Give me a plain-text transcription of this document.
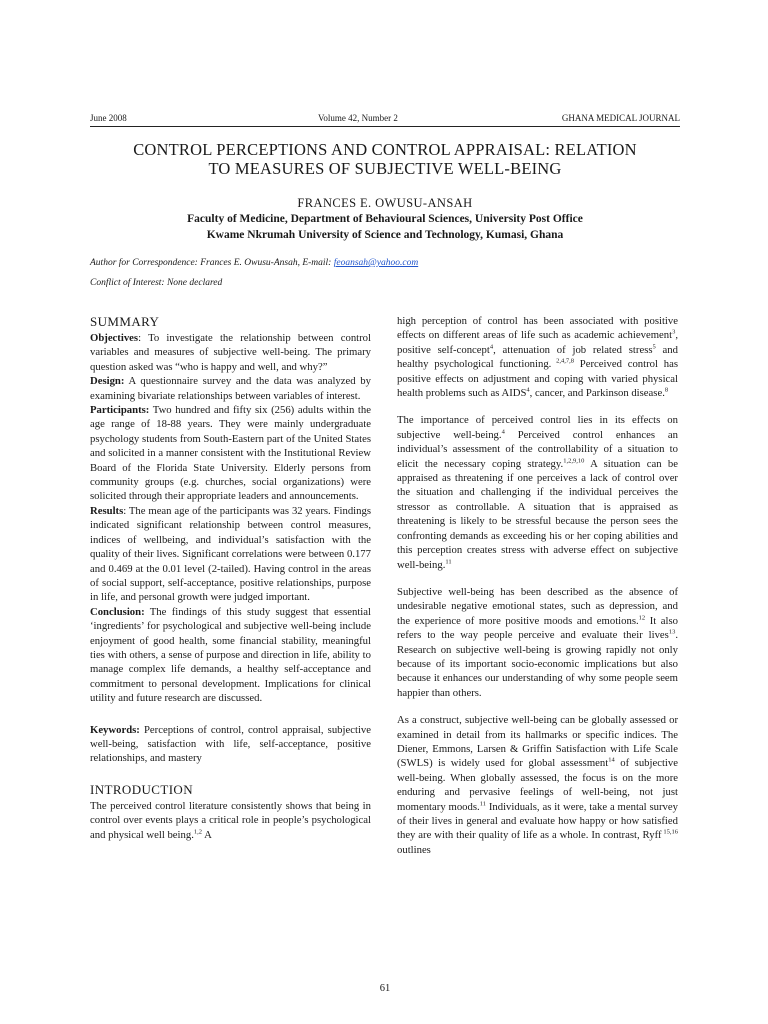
June 2008	Volume 42, Number 2	GHANA MEDICAL JOURNAL
CONTROL PERCEPTIONS AND CONTROL APPRAISAL: RELATION
TO MEASURES OF SUBJECTIVE WELL-BEING
FRANCES E. OWUSU-ANSAH
Faculty of Medicine, Department of Behavioural Sciences, University Post Office
Kwame Nkrumah University of Science and Technology, Kumasi, Ghana
Author for Correspondence: Frances E. Owusu-Ansah, E-mail: feoansah@yahoo.com
Conflict of Interest: None declared
SUMMARY

Objectives: To investigate the relationship between control variables and measures of subjective well-being. The primary question asked was “who is happy and well, and why?”

Design: A questionnaire survey and the data was analyzed by examining bivariate relationships between variables of interest.

Participants: Two hundred and fifty six (256) adults within the age range of 18-88 years. They were mainly undergraduate psychology students from South-Eastern part of the United States and solicited in a manner consistent with the Institutional Review Board of the Florida State University. Elderly persons from community groups (e.g. churches, social organizations) were solicited through their appropriate leaders and announcements.

Results: The mean age of the participants was 32 years. Findings indicated significant relationship between control measures, indices of wellbeing, and individual’s satisfaction with the quality of their lives. Significant correlations were between 0.177 and 0.469 at the 0.01 level (2-tailed). Having control in the areas of social support, self-acceptance, positive relationships, purpose in life, and personal growth were judged important.

Conclusion: The findings of this study suggest that essential ‘ingredients’ for psychological and subjective well-being include enjoyment of good health, some financial stability, meaningful ties with others, a sense of purpose and direction in life, ability to manage complex life demands, a healthy self-acceptance and commitment to personal development. Implications for clinical utility and future research are discussed.

Keywords: Perceptions of control, control appraisal, subjective well-being, satisfaction with life, self-acceptance, positive relationships, and mastery

INTRODUCTION

The perceived control literature consistently shows that being in control over events plays a critical role in people’s psychological and physical well being.$^{1,2}$ A

high perception of control has been associated with positive effects on different areas of life such as academic achievement$^3$, positive self-concept$^4$, attenuation of job related stress$^5$ and healthy psychological functioning. $^{2,4,7,8}$ Perceived control has positive effects on adjustment and coping with varied physical health problems such as AIDS$^4$, cancer, and Parkinson disease.$^8$

The importance of perceived control lies in its effects on subjective well-being.$^4$ Perceived control enhances an individual’s assessment of the controllability of a situation to elicit the necessary coping strategy.$^{1,2,9,10}$ A situation can be appraised as threatening if one perceives a lack of control over the situation and challenging if the individual perceives the stressor as controllable. A situation that is appraised as threatening is likely to be stressful because the person sees the confronting demands as exceeding his or her coping abilities and this perception creates stress with adverse effect on subjective well-being.$^{11}$

Subjective well-being has been described as the absence of undesirable negative emotional states, such as depression, and the experience of more positive moods and emotions.$^{12}$ It also refers to the way people perceive and evaluate their lives$^{13}$. Research on subjective well-being is growing rapidly not only because of its important socio-economic implications but also because it enhances our understanding of why some people seem happier than others.

As a construct, subjective well-being can be globally assessed or examined in detail from its hallmarks or specific indices. The Diener, Emmons, Larsen & Griffin Satisfaction with Life Scale (SWLS) is widely used for global assessment$^{14}$ of subjective well-being. When globally assessed, the focus is on the more enduring and pervasive feelings of well-being, not just momentary moods.$^{11}$ Individuals, as it were, take a mental survey of their lives in general and evaluate how happy or how satisfied they are with their quality of life as a whole. In contrast, Ryff $^{15,16}$ outlines

61
